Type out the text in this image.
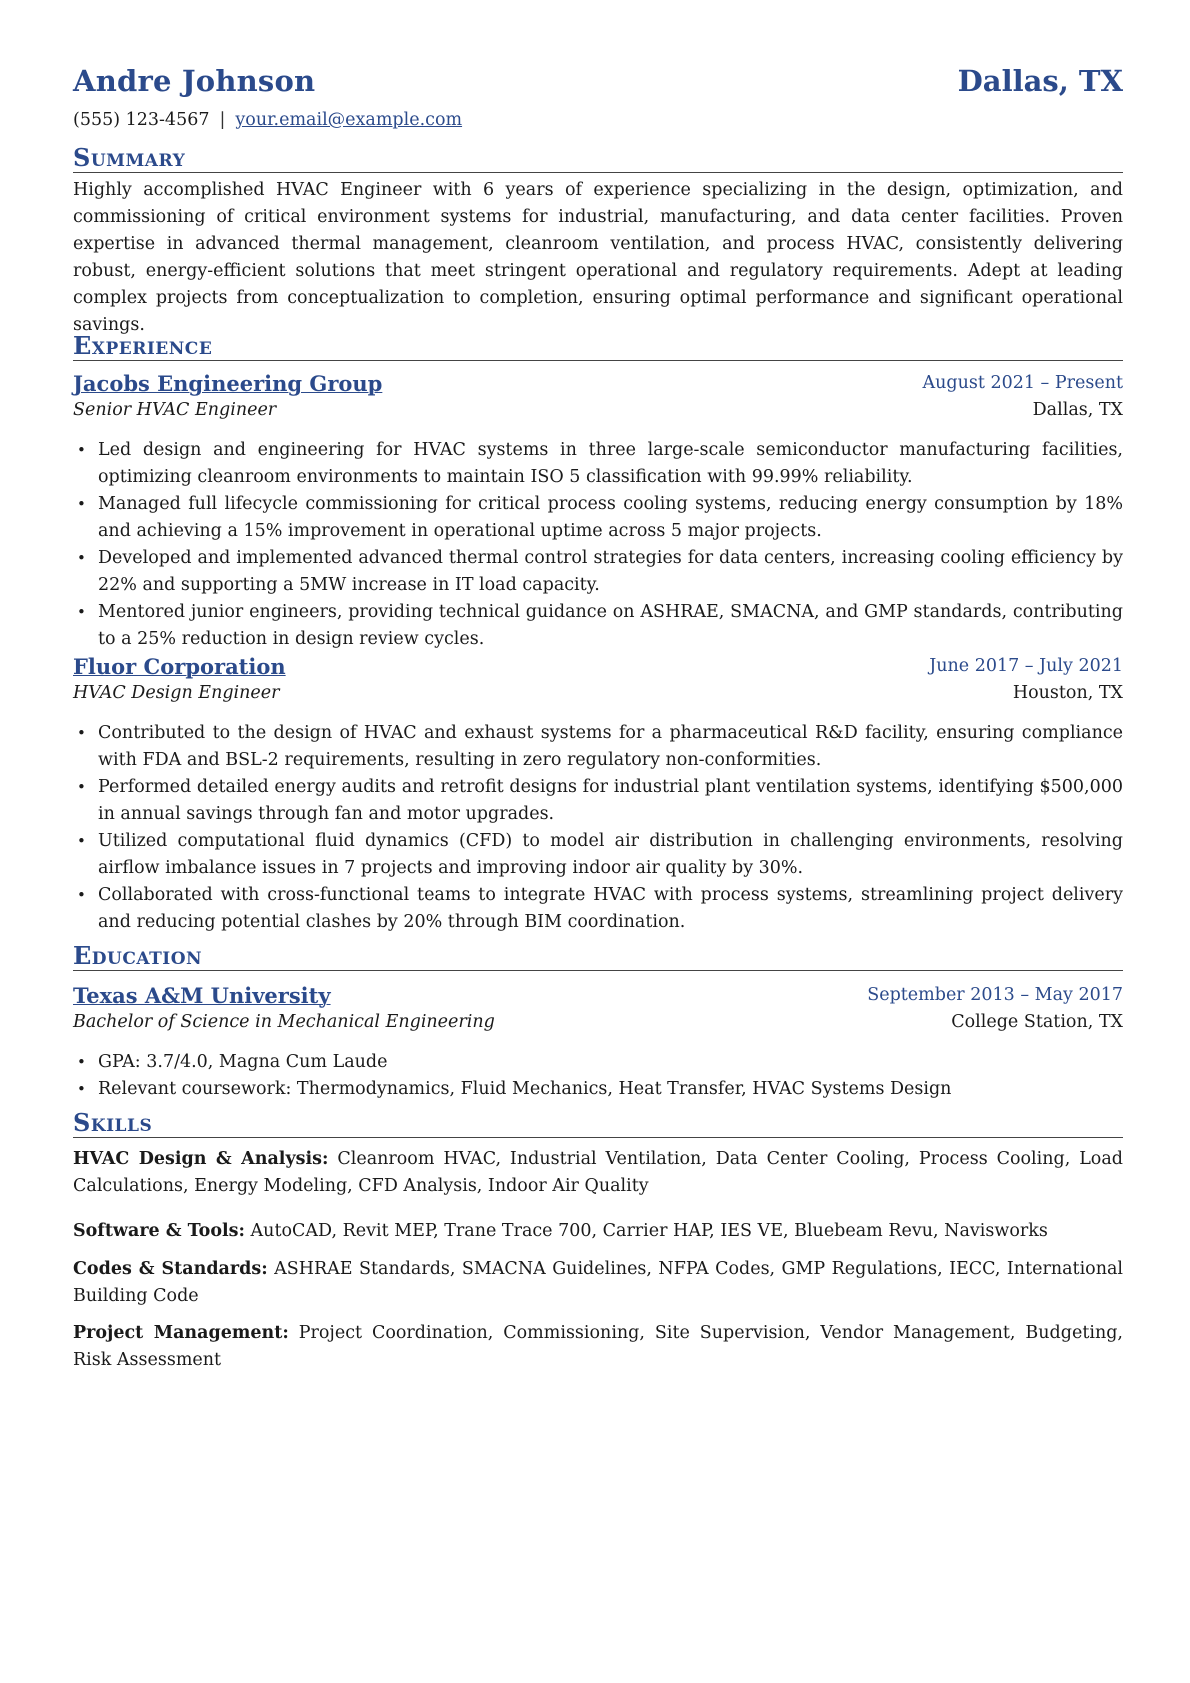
Andre Johnson	Dallas, TX
(555) 123-4567 | your.email@example.com
Summary
Highly accomplished HVAC Engineer with 6 years of experience specializing in the design, optimization, and commissioning of critical environment systems for industrial, manufacturing, and data center facilities. Proven expertise in advanced thermal management, cleanroom ventilation, and process HVAC, consistently delivering robust, energy-efficient solutions that meet stringent operational and regulatory requirements. Adept at leading complex projects from conceptualization to completion, ensuring optimal performance and significant operational savings.
Experience
Jacobs Engineering Group	August 2021 – Present
Senior HVAC Engineer	Dallas, TX
• Led design and engineering for HVAC systems in three large-scale semiconductor manufacturing facilities, optimizing cleanroom environments to maintain ISO 5 classification with 99.99% reliability.
• Managed full lifecycle commissioning for critical process cooling systems, reducing energy consumption by 18% and achieving a 15% improvement in operational uptime across 5 major projects.
• Developed and implemented advanced thermal control strategies for data centers, increasing cooling efficiency by 22% and supporting a 5MW increase in IT load capacity.
• Mentored junior engineers, providing technical guidance on ASHRAE, SMACNA, and GMP standards, contributing to a 25% reduction in design review cycles.
Fluor Corporation	June 2017 – July 2021
HVAC Design Engineer	Houston, TX
• Contributed to the design of HVAC and exhaust systems for a pharmaceutical R&D facility, ensuring compliance with FDA and BSL-2 requirements, resulting in zero regulatory non-conformities.
• Performed detailed energy audits and retrofit designs for industrial plant ventilation systems, identifying $500,000 in annual savings through fan and motor upgrades.
• Utilized computational fluid dynamics (CFD) to model air distribution in challenging environments, resolving airflow imbalance issues in 7 projects and improving indoor air quality by 30%.
• Collaborated with cross-functional teams to integrate HVAC with process systems, streamlining project delivery and reducing potential clashes by 20% through BIM coordination.
Education
Texas A&M University	September 2013 – May 2017
Bachelor of Science in Mechanical Engineering	College Station, TX
• GPA: 3.7/4.0, Magna Cum Laude
• Relevant coursework: Thermodynamics, Fluid Mechanics, Heat Transfer, HVAC Systems Design
Skills
HVAC Design & Analysis: Cleanroom HVAC, Industrial Ventilation, Data Center Cooling, Process Cooling, Load Calculations, Energy Modeling, CFD Analysis, Indoor Air Quality
Software & Tools: AutoCAD, Revit MEP, Trane Trace 700, Carrier HAP, IES VE, Bluebeam Revu, Navisworks
Codes & Standards: ASHRAE Standards, SMACNA Guidelines, NFPA Codes, GMP Regulations, IECC, International Building Code
Project Management: Project Coordination, Commissioning, Site Supervision, Vendor Management, Budgeting, Risk Assessment
